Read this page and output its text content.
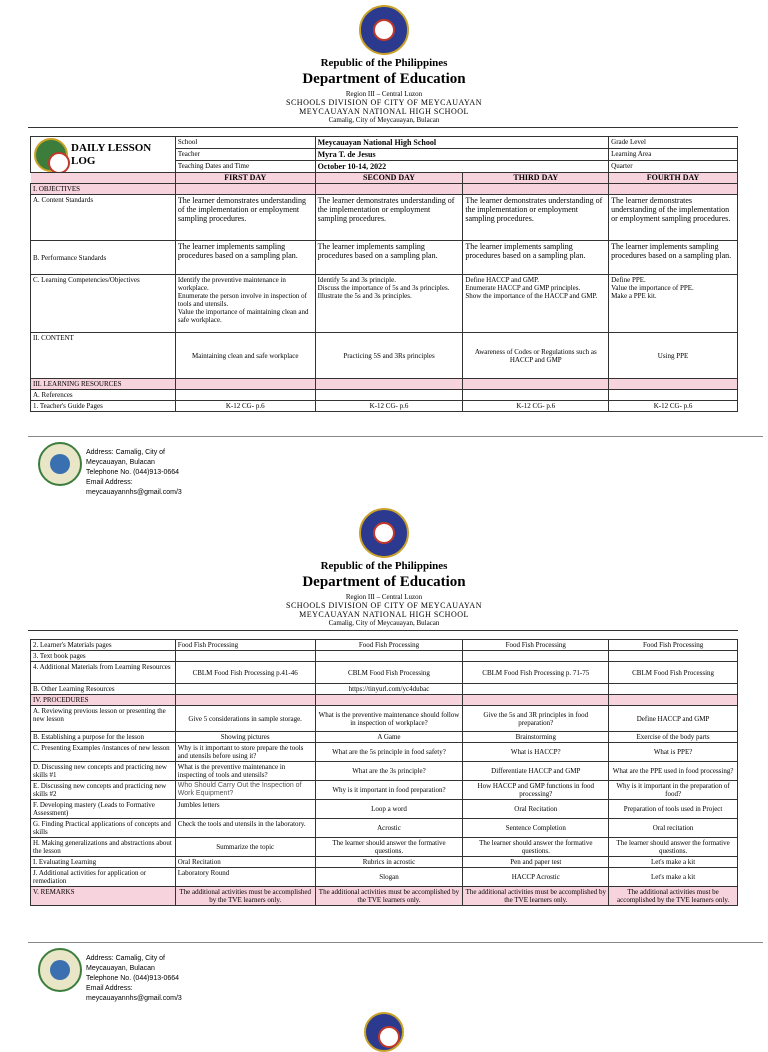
Republic of the Philippines
Department of Education
Region III – Central Luzon
SCHOOLS DIVISION OF CITY OF MEYCAUAYAN
MEYCAUAYAN NATIONAL HIGH SCHOOL
Camalig, City of Meycauayan, Bulacan
DAILY LESSON LOG	School	Meycauayan National High School		Grade Level
	Teacher	Myra T. de Jesus		Learning Area
	Teaching Dates and Time	October 10-14, 2022		Quarter
	FIRST DAY	SECOND DAY	THIRD DAY	FOURTH DAY
I. OBJECTIVES				
A. Content Standards	The learner demonstrates understanding of the implementation or employment sampling procedures.	The learner demonstrates understanding of the implementation or employment sampling procedures.	The learner demonstrates understanding of the implementation or employment sampling procedures.	The learner demonstrates understanding of the implementation or employment sampling procedures.
B. Performance Standards	The learner implements sampling procedures based on a sampling plan.	The learner implements sampling procedures based on a sampling plan.	The learner implements sampling procedures based on a sampling plan.	The learner implements sampling procedures based on a sampling plan.
C. Learning Competencies/Objectives	Identify the preventive maintenance in workplace.
Enumerate the person involve in inspection of tools and utensils.
Value the importance of maintaining clean and safe workplace.	Identify 5s and 3s principle.
Discuss the importance of 5s and 3s principles.
Illustrate the 5s and 3s principles.	Define HACCP and GMP.
Enumerate HACCP and GMP principles.
Show the importance of the HACCP and GMP.	Define PPE.
Value the importance of PPE.
Make a PPE kit.
II. CONTENT	Maintaining clean and safe workplace	Practicing 5S and 3Rs principles	Awareness of Codes or Regulations such as HACCP and GMP	Using PPE
III. LEARNING RESOURCES				
A. References				
1. Teacher's Guide Pages	K-12 CG- p.6	K-12 CG- p.6	K-12 CG- p.6	K-12 CG- p.6
Address: Camalig, City of
Meycauayan, Bulacan
Telephone No. (044)913-0664
Email Address:
meycauayannhs@gmail.com/3
Republic of the Philippines
Department of Education
Region III – Central Luzon
SCHOOLS DIVISION OF CITY OF MEYCAUAYAN
MEYCAUAYAN NATIONAL HIGH SCHOOL
Camalig, City of Meycauayan, Bulacan
2. Learner's Materials pages	Food Fish Processing	Food Fish Processing	Food Fish Processing	Food Fish Processing
3. Text book pages				
4. Additional Materials from Learning Resources	CBLM Food Fish Processing p.41-46	CBLM Food Fish Processing	CBLM Food Fish Processing p. 71-75	CBLM Food Fish Processing
B. Other Learning Resources		https://tinyurl.com/yc4dubac		
IV. PROCEDURES				
A. Reviewing previous lesson or presenting the new lesson	Give 5 considerations in sample storage.	What is the preventive maintenance should follow in inspection of workplace?	Give the 5s and 3R principles in food preparation?	Define HACCP and GMP
B. Establishing a purpose for the lesson	Showing pictures	A Game	Brainstorming	Exercise of the body parts
C. Presenting Examples /instances of new lesson	Why is it important to store prepare the tools and utensils before using it?	What are the 5s principle in food safety?	What is HACCP?	What is PPE?
D. Discussing new concepts and practicing new skills #1	What is the preventive maintenance in inspecting of tools and utensils?	What are the 3s principle?	Differentiate HACCP and GMP	What are the PPE used in food processing?
E. Discussing new concepts and practicing new skills #2	Who Should Carry Out the Inspection of Work Equipment?	Why is it important in food preparation?	How HACCP and GMP functions in food processing?	Why is it important in the preparation of food?
F. Developing mastery (Leads to Formative Assessment)	Jumbles letters	Loop a word	Oral Recitation	Preparation of tools used in Project
G. Finding Practical applications of concepts and skills	Check the tools and utensils in the laboratory.	Acrostic	Sentence Completion	Oral recitation
H. Making generalizations and abstractions about the lesson	Summarize the topic	The learner should answer the formative questions.	The learner should answer the formative questions.	The learner should answer the formative questions.
I. Evaluating Learning	Oral Recitation	Rubrics in acrostic	Pen and paper test	Let's make a kit
J. Additional activities for application or remediation	Laboratory Round	Slogan	HACCP Acrostic	Let's make a kit
V. REMARKS	The additional activities must be accomplished by the TVE learners only.	The additional activities must be accomplished by the TVE learners only.	The additional activities must be accomplished by the TVE learners only.	The additional activities must be accomplished by the TVE learners only.
Address: Camalig, City of
Meycauayan, Bulacan
Telephone No. (044)913-0664
Email Address:
meycauayannhs@gmail.com/3
